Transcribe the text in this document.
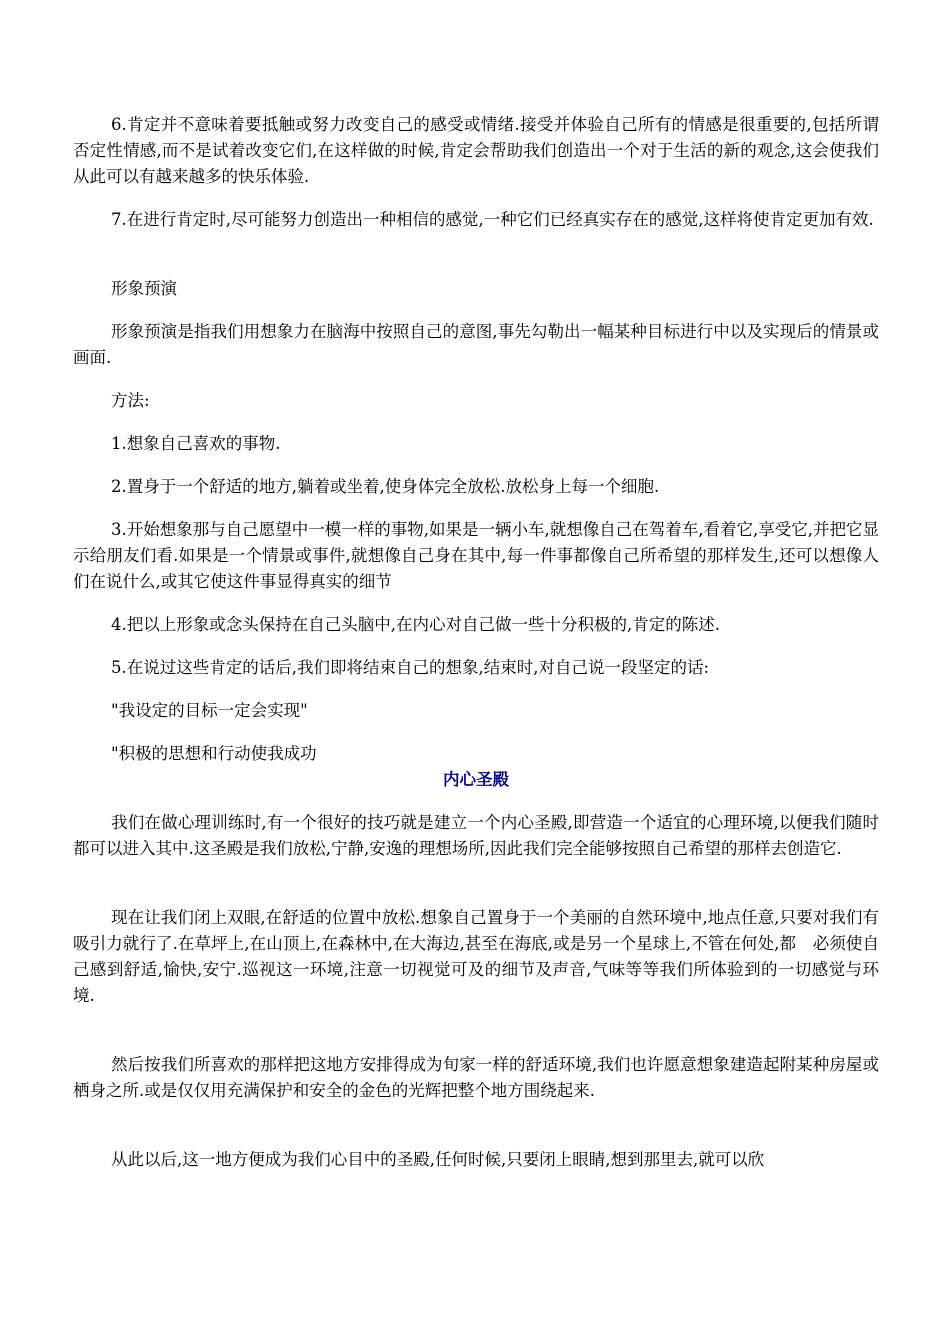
6.肯定并不意味着要抵触或努力改变自己的感受或情绪.接受并体验自己所有的情感是很重要的,包括所谓否定性情感,而不是试着改变它们,在这样做的时候,肯定会帮助我们创造出一个对于生活的新的观念,这会使我们从此可以有越来越多的快乐体验.

7.在进行肯定时,尽可能努力创造出一种相信的感觉,一种它们已经真实存在的感觉,这样将使肯定更加有效.

形象预演

形象预演是指我们用想象力在脑海中按照自己的意图,事先勾勒出一幅某种目标进行中以及实现后的情景或画面.

方法:

1.想象自己喜欢的事物.

2.置身于一个舒适的地方,躺着或坐着,使身体完全放松.放松身上每一个细胞.

3.开始想象那与自己愿望中一模一样的事物,如果是一辆小车,就想像自己在驾着车,看着它,享受它,并把它显示给朋友们看.如果是一个情景或事件,就想像自己身在其中,每一件事都像自己所希望的那样发生,还可以想像人们在说什么,或其它使这件事显得真实的细节

4.把以上形象或念头保持在自己头脑中,在内心对自己做一些十分积极的,肯定的陈述.

5.在说过这些肯定的话后,我们即将结束自己的想象,结束时,对自己说一段坚定的话:

"我设定的目标一定会实现"

"积极的思想和行动使我成功

内心圣殿

我们在做心理训练时,有一个很好的技巧就是建立一个内心圣殿,即营造一个适宜的心理环境,以便我们随时都可以进入其中.这圣殿是我们放松,宁静,安逸的理想场所,因此我们完全能够按照自己希望的那样去创造它.

现在让我们闭上双眼,在舒适的位置中放松.想象自己置身于一个美丽的自然环境中,地点任意,只要对我们有吸引力就行了.在草坪上,在山顶上,在森林中,在大海边,甚至在海底,或是另一个星球上,不管在何处,都　必须使自己感到舒适,愉快,安宁.巡视这一环境,注意一切视觉可及的细节及声音,气味等等我们所体验到的一切感觉与环境.

然后按我们所喜欢的那样把这地方安排得成为旬家一样的舒适环境,我们也许愿意想象建造起附某种房屋或栖身之所.或是仅仅用充满保护和安全的金色的光辉把整个地方围绕起来.

从此以后,这一地方便成为我们心目中的圣殿,任何时候,只要闭上眼睛,想到那里去,就可以欣
